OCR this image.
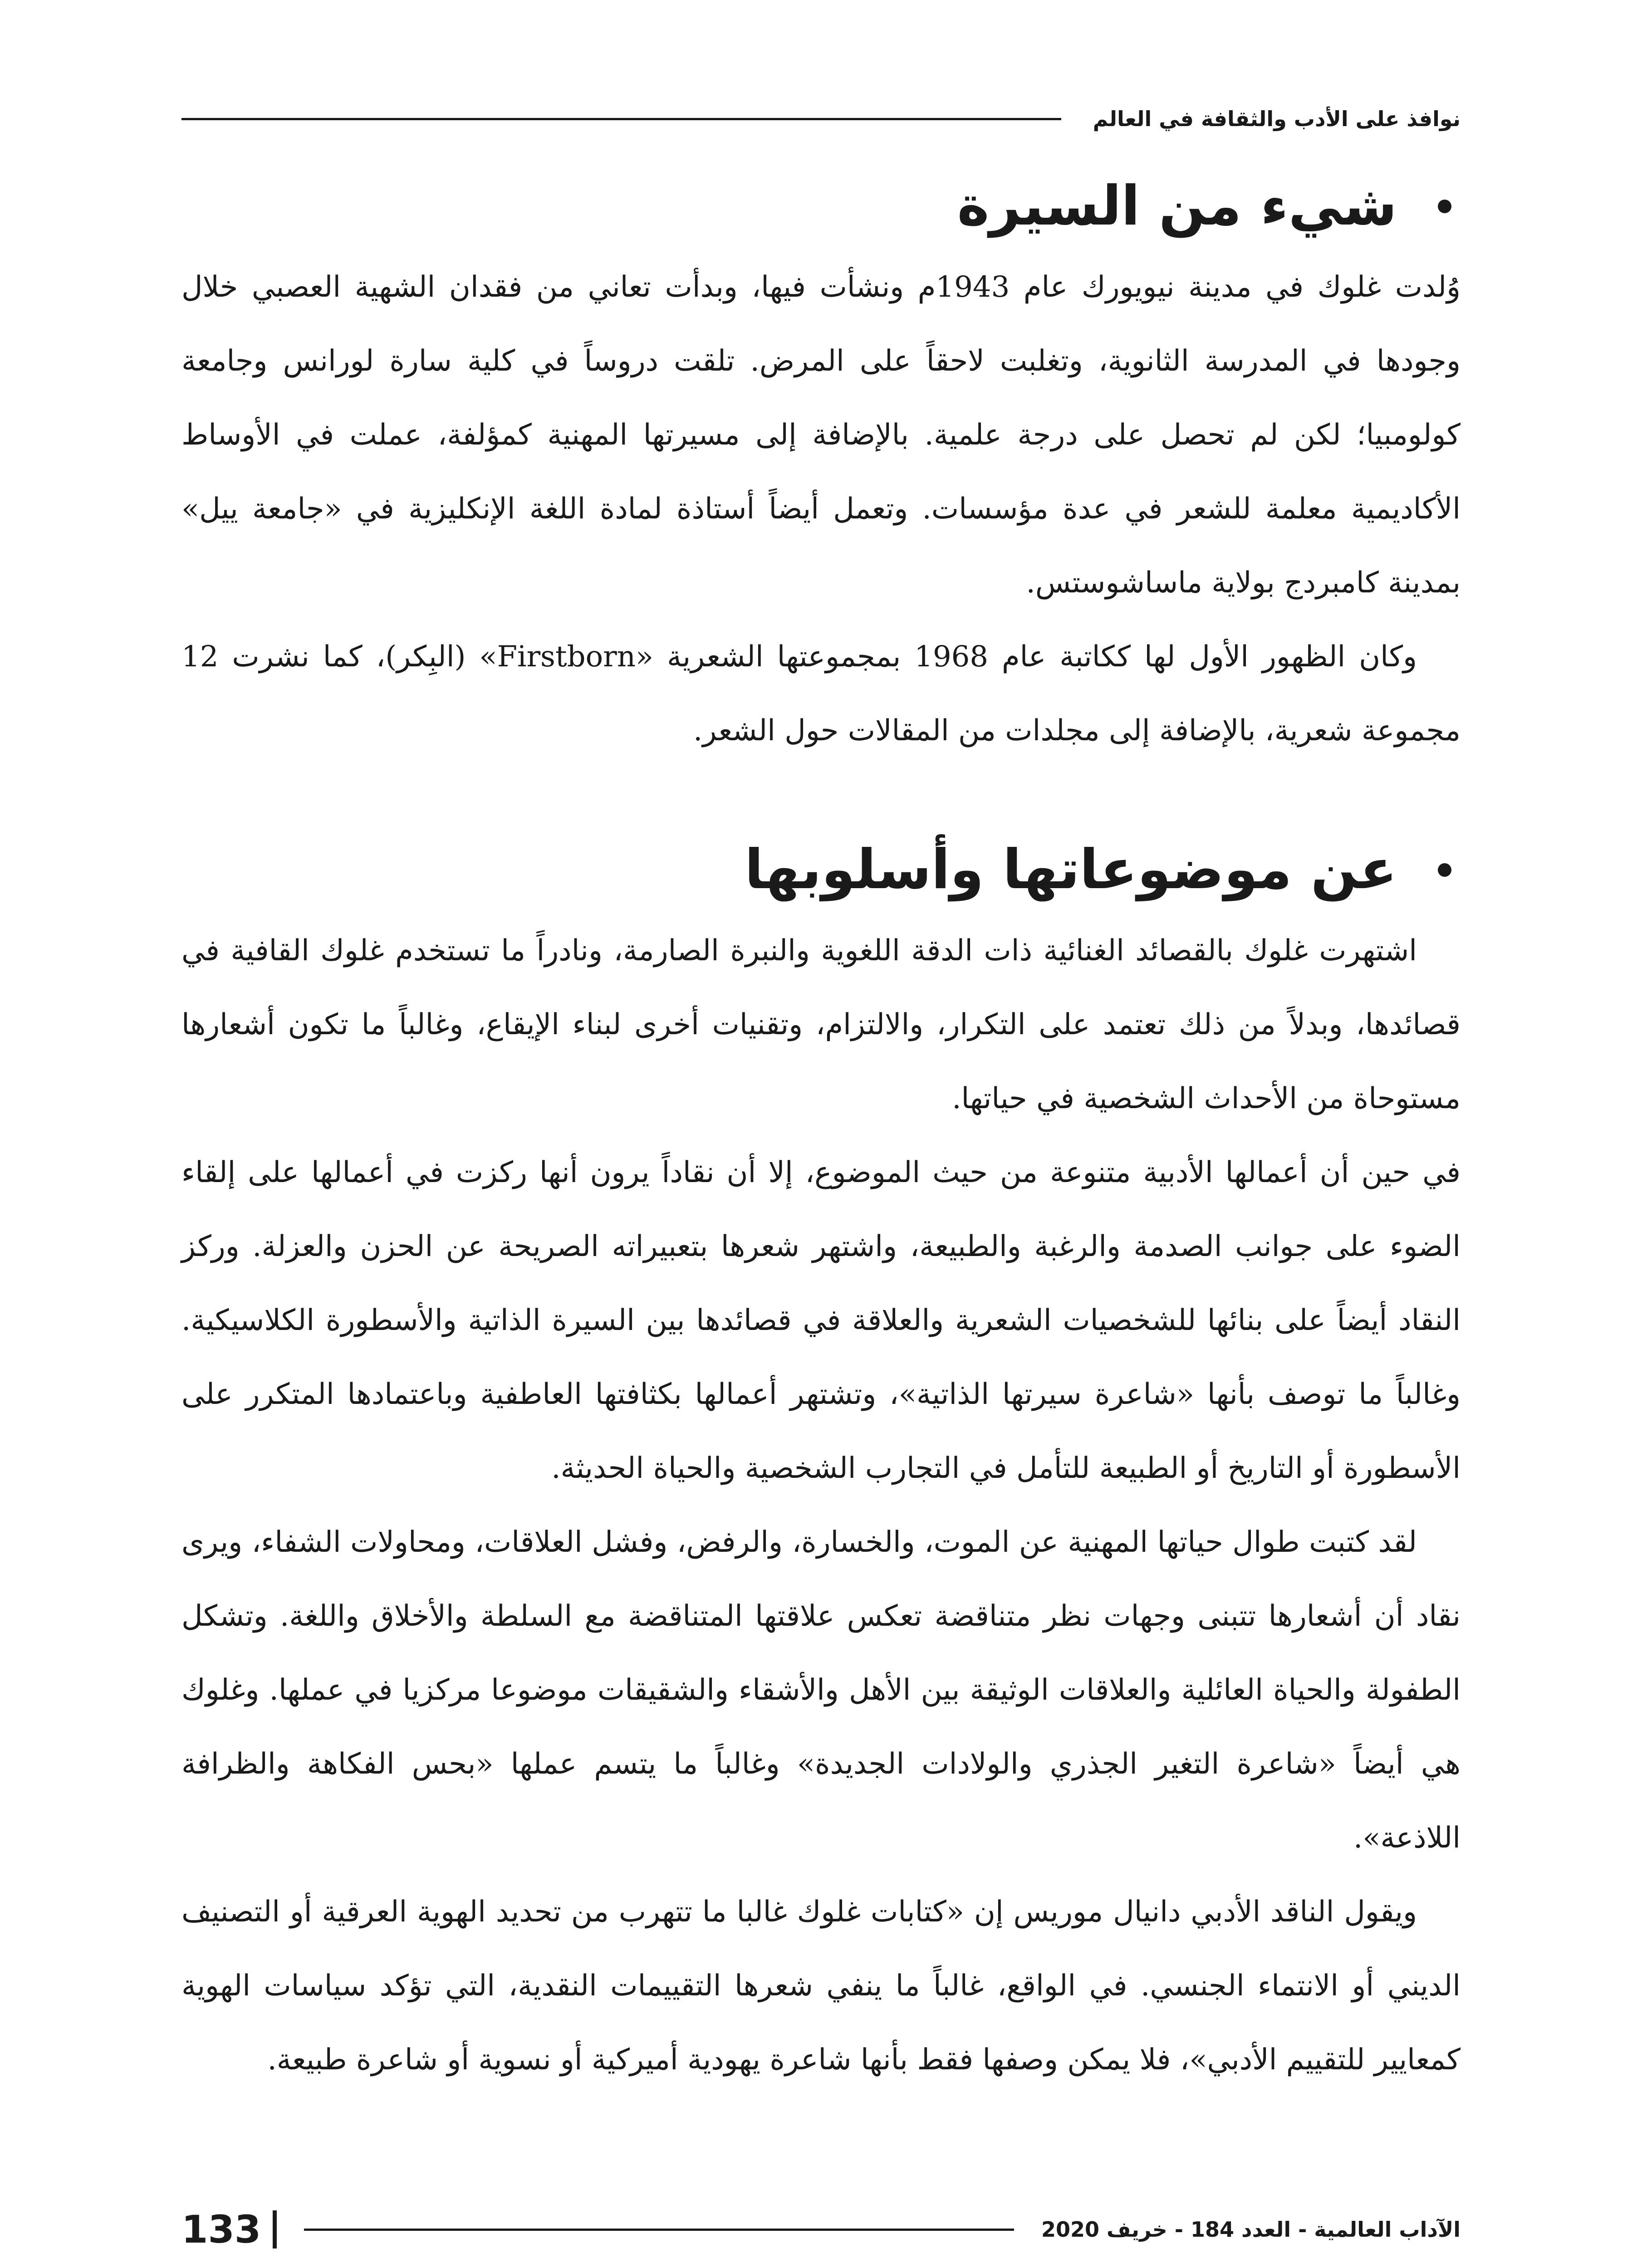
نوافذ على الأدب والثقافة في العالم
شيء من السيرة

وُلدت غلوك في مدينة نيويورك عام 1943م ونشأت فيها، وبدأت تعاني من فقدان الشهية العصبي خلال وجودها في المدرسة الثانوية، وتغلبت لاحقاً على المرض. تلقت دروساً في كلية سارة لورانس وجامعة كولومبيا؛ لكن لم تحصل على درجة علمية. بالإضافة إلى مسيرتها المهنية كمؤلفة، عملت في الأوساط الأكاديمية معلمة للشعر في عدة مؤسسات. وتعمل أيضاً أستاذة لمادة اللغة الإنكليزية في «جامعة ييل» بمدينة كامبردج بولاية ماساشوستس.

وكان الظهور الأول لها ككاتبة عام 1968 بمجموعتها الشعرية «Firstborn» (البِكر)، كما نشرت 12 مجموعة شعرية، بالإضافة إلى مجلدات من المقالات حول الشعر.

عن موضوعاتها وأسلوبها

اشتهرت غلوك بالقصائد الغنائية ذات الدقة اللغوية والنبرة الصارمة، ونادراً ما تستخدم غلوك القافية في قصائدها، وبدلاً من ذلك تعتمد على التكرار، والالتزام، وتقنيات أخرى لبناء الإيقاع، وغالباً ما تكون أشعارها مستوحاة من الأحداث الشخصية في حياتها.

في حين أن أعمالها الأدبية متنوعة من حيث الموضوع، إلا أن نقاداً يرون أنها ركزت في أعمالها على إلقاء الضوء على جوانب الصدمة والرغبة والطبيعة، واشتهر شعرها بتعبيراته الصريحة عن الحزن والعزلة. وركز النقاد أيضاً على بنائها للشخصيات الشعرية والعلاقة في قصائدها بين السيرة الذاتية والأسطورة الكلاسيكية. وغالباً ما توصف بأنها «شاعرة سيرتها الذاتية»، وتشتهر أعمالها بكثافتها العاطفية وباعتمادها المتكرر على الأسطورة أو التاريخ أو الطبيعة للتأمل في التجارب الشخصية والحياة الحديثة.

لقد كتبت طوال حياتها المهنية عن الموت، والخسارة، والرفض، وفشل العلاقات، ومحاولات الشفاء، ويرى نقاد أن أشعارها تتبنى وجهات نظر متناقضة تعكس علاقتها المتناقضة مع السلطة والأخلاق واللغة. وتشكل الطفولة والحياة العائلية والعلاقات الوثيقة بين الأهل والأشقاء والشقيقات موضوعا مركزيا في عملها. وغلوك هي أيضاً «شاعرة التغير الجذري والولادات الجديدة» وغالباً ما يتسم عملها «بحس الفكاهة والظرافة اللاذعة».

ويقول الناقد الأدبي دانيال موريس إن «كتابات غلوك غالبا ما تتهرب من تحديد الهوية العرقية أو التصنيف الديني أو الانتماء الجنسي. في الواقع، غالباً ما ينفي شعرها التقييمات النقدية، التي تؤكد سياسات الهوية كمعايير للتقييم الأدبي»، فلا يمكن وصفها فقط بأنها شاعرة يهودية أميركية أو نسوية أو شاعرة طبيعة.

الآداب العالمية - العدد 184 - خريف 2020
133
